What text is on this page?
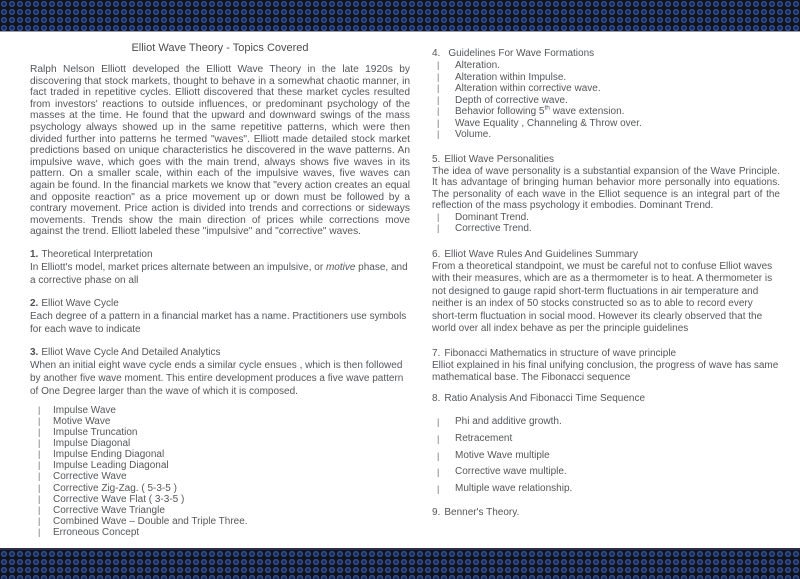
Elliot Wave Theory - Topics Covered

Ralph Nelson Elliott developed the Elliott Wave Theory in the late 1920s by discovering that stock markets, thought to behave in a somewhat chaotic manner, in fact traded in repetitive cycles. Elliott discovered that these market cycles resulted from investors' reactions to outside influences, or predominant psychology of the masses at the time. He found that the upward and downward swings of the mass psychology always showed up in the same repetitive patterns, which were then divided further into patterns he termed "waves". Elliott made detailed stock market predictions based on unique characteristics he discovered in the wave patterns. An impulsive wave, which goes with the main trend, always shows five waves in its pattern. On a smaller scale, within each of the impulsive waves, five waves can again be found. In the financial markets we know that "every action creates an equal and opposite reaction" as a price movement up or down must be followed by a contrary movement. Price action is divided into trends and corrections or sideways movements. Trends show the main direction of prices while corrections move against the trend. Elliott labeled these "impulsive" and "corrective" waves.

1. Theoretical Interpretation

In Elliott's model, market prices alternate between an impulsive, or motive phase, and a corrective phase on all

2. Elliot Wave Cycle

Each degree of a pattern in a financial market has a name. Practitioners use symbols for each wave to indicate

3. Elliot Wave Cycle And Detailed Analytics

When an initial eight wave cycle ends a similar cycle ensues , which is then followed by another five wave moment. This entire development produces a five wave pattern of One Degree larger than the wave of which it is composed.

|	Impulse Wave
|	Motive Wave
|	Impulse Truncation
|	Impulse Diagonal
|	Impulse Ending Diagonal
|	Impulse Leading Diagonal
|	Corrective Wave
|	Corrective Zig-Zag. ( 5-3-5 )
|	Corrective Wave Flat ( 3-3-5 )
|	Corrective Wave Triangle
|	Combined Wave – Double and Triple Three.
|	Erroneous Concept

4. Guidelines For Wave Formations

|	Alteration.
|	Alteration within Impulse.
|	Alteration within corrective wave.
|	Depth of corrective wave.
|	Behavior following 5th wave extension.
|	Wave Equality , Channeling & Throw over.
|	Volume.

5. Elliot Wave Personalities

The idea of wave personality is a substantial expansion of the Wave Principle. It has advantage of bringing human behavior more personally into equations. The personality of each wave in the Elliot sequence is an integral part of the reflection of the mass psychology it embodies. Dominant Trend.

|	Dominant Trend.
|	Corrective Trend.

6. Elliot Wave Rules And Guidelines Summary

From a theoretical standpoint, we must be careful not to confuse Elliot waves with their measures, which are as a thermometer is to heat. A thermometer is not designed to gauge rapid short-term fluctuations in air temperature and neither is an index of 50 stocks constructed so as to able to record every short-term fluctuation in social mood. However its clearly observed that the world over all index behave as per the principle guidelines

7. Fibonacci Mathematics in structure of wave principle

Elliot explained in his final unifying conclusion, the progress of wave has same mathematical base. The Fibonacci sequence

8. Ratio Analysis And Fibonacci Time Sequence

|	Phi and additive growth.
|	Retracement
|	Motive Wave multiple
|	Corrective wave multiple.
|	Multiple wave relationship.

9. Benner's Theory.
